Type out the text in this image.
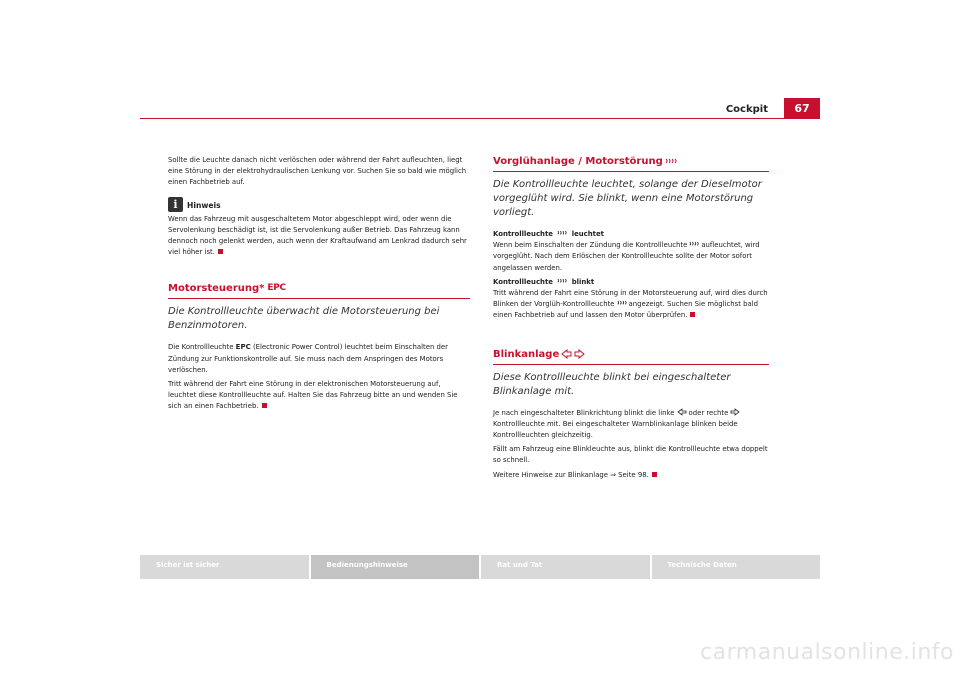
Cockpit	67

Sollte die Leuchte danach nicht verlöschen oder während der Fahrt aufleuchten, liegt eine Störung in der elektrohydraulischen Lenkung vor. Suchen Sie so bald wie möglich einen Fachbetrieb auf.

i	Hinweis

Wenn das Fahrzeug mit ausgeschaltetem Motor abgeschleppt wird, oder wenn die Servolenkung beschädigt ist, ist die Servolenkung außer Betrieb. Das Fahrzeug kann dennoch noch gelenkt werden, auch wenn der Kraftaufwand am Lenkrad dadurch sehr viel höher ist.

Motorsteuerung* EPC
Die Kontrollleuchte überwacht die Motorsteuerung bei Benzinmotoren.

Die Kontrollleuchte EPC (Electronic Power Control) leuchtet beim Einschalten der Zündung zur Funktionskontrolle auf. Sie muss nach dem Anspringen des Motors verlöschen.

Tritt während der Fahrt eine Störung in der elektronischen Motorsteuerung auf, leuchtet diese Kontrollleuchte auf. Halten Sie das Fahrzeug bitte an und wenden Sie sich an einen Fachbetrieb.

Vorglühanlage / Motorstörung
Die Kontrollleuchte leuchtet, solange der Dieselmotor vorgeglüht wird. Sie blinkt, wenn eine Motorstörung vorliegt.
Kontrollleuchte	leuchtet

Wenn beim Einschalten der Zündung die Kontrollleuchte aufleuchtet, wird vorgeglüht. Nach dem Erlöschen der Kontrollleuchte sollte der Motor sofort angelassen werden.

Kontrollleuchte	blinkt

Tritt während der Fahrt eine Störung in der Motorsteuerung auf, wird dies durch Blinken der Vorglüh-Kontrollleuchte angezeigt. Suchen Sie möglichst bald einen Fachbetrieb auf und lassen den Motor überprüfen.

Blinkanlage
Diese Kontrollleuchte blinkt bei eingeschalteter Blinkanlage mit.

Je nach eingeschalteter Blinkrichtung blinkt die linke oder rechteKontrollleuchte mit. Bei eingeschalteter Warnblinkanlage blinken beide Kontrollleuchten gleichzeitig.

Fällt am Fahrzeug eine Blinkleuchte aus, blinkt die Kontrollleuchte etwa doppelt so schnell.

Weitere Hinweise zur Blinkanlage ⇒ Seite 98.

Sicher ist sicher	Bedienungshinweise	Rat und Tat	Technische Daten
carmanualsonline.info
